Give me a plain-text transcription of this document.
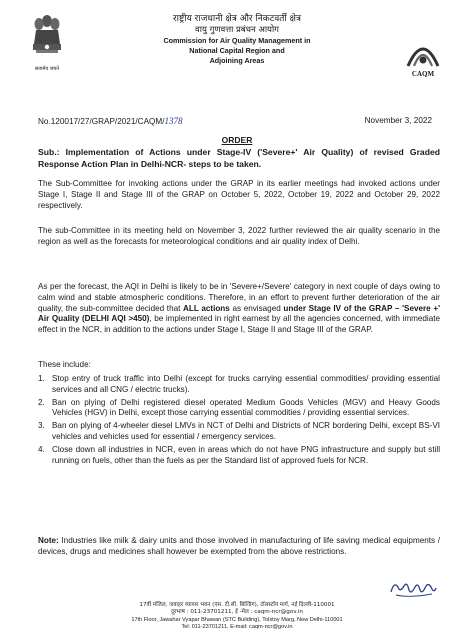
सत्यमेव जयते
राष्ट्रीय राजधानी क्षेत्र और निकटवर्ती क्षेत्र
वायु गुणवत्ता प्रबंधन आयोग
Commission for Air Quality Management in
National Capital Region and
Adjoining Areas
CAQM
No.120017/27/GRAP/2021/CAQM/1378	November 3, 2022
ORDER
Sub.: Implementation of Actions under Stage-IV ('Severe+' Air Quality) of revised Graded Response Action Plan in Delhi-NCR- steps to be taken.
The Sub-Committee for invoking actions under the GRAP in its earlier meetings had invoked actions under Stage I, Stage II and Stage III of the GRAP on October 5, 2022, October 19, 2022 and October 29, 2022 respectively.
The sub-Committee in its meeting held on November 3, 2022 further reviewed the air quality scenario in the region as well as the forecasts for meteorological conditions and air quality index of Delhi.
As per the forecast, the AQI in Delhi is likely to be in 'Severe+/Severe' category in next couple of days owing to calm wind and stable atmospheric conditions. Therefore, in an effort to prevent further deterioration of the air quality, the sub-committee decided that ALL actions as envisaged under Stage IV of the GRAP – 'Severe +' Air Quality (DELHI AQI >450), be implemented in right earnest by all the agencies concerned, with immediate effect in the NCR, in addition to the actions under Stage I, Stage II and Stage III of the GRAP.
These include:
1. Stop entry of truck traffic into Delhi (except for trucks carrying essential commodities/ providing essential services and all CNG / electric trucks).
2. Ban on plying of Delhi registered diesel operated Medium Goods Vehicles (MGV) and Heavy Goods Vehicles (HGV) in Delhi, except those carrying essential commodities / providing essential services.
3. Ban on plying of 4-wheeler diesel LMVs in NCT of Delhi and Districts of NCR bordering Delhi, except BS-VI vehicles and vehicles used for essential / emergency services.
4. Close down all industries in NCR, even in areas which do not have PNG infrastructure and supply but still running on fuels, other than the fuels as per the Standard list of approved fuels for NCR.
Note: Industries like milk & dairy units and those involved in manufacturing of life saving medical equipments / devices, drugs and medicines shall however be exempted from the above restrictions.
17वीं मंजिल, जवाहर व्यापार भवन (एस. टी.सी. बिल्डिंग), टॉलस्टॉय मार्ग, नई दिल्ली-110001
दूरभाष : 011-23701211, ई -मेल : caqm-ncr@gov.in
17th Floor, Jawahar Vyapar Bhawan (STC Building), Tolstoy Marg, New Delhi-110001
Tel: 011-23701211, E-mail: caqm-ncr@gov.in
